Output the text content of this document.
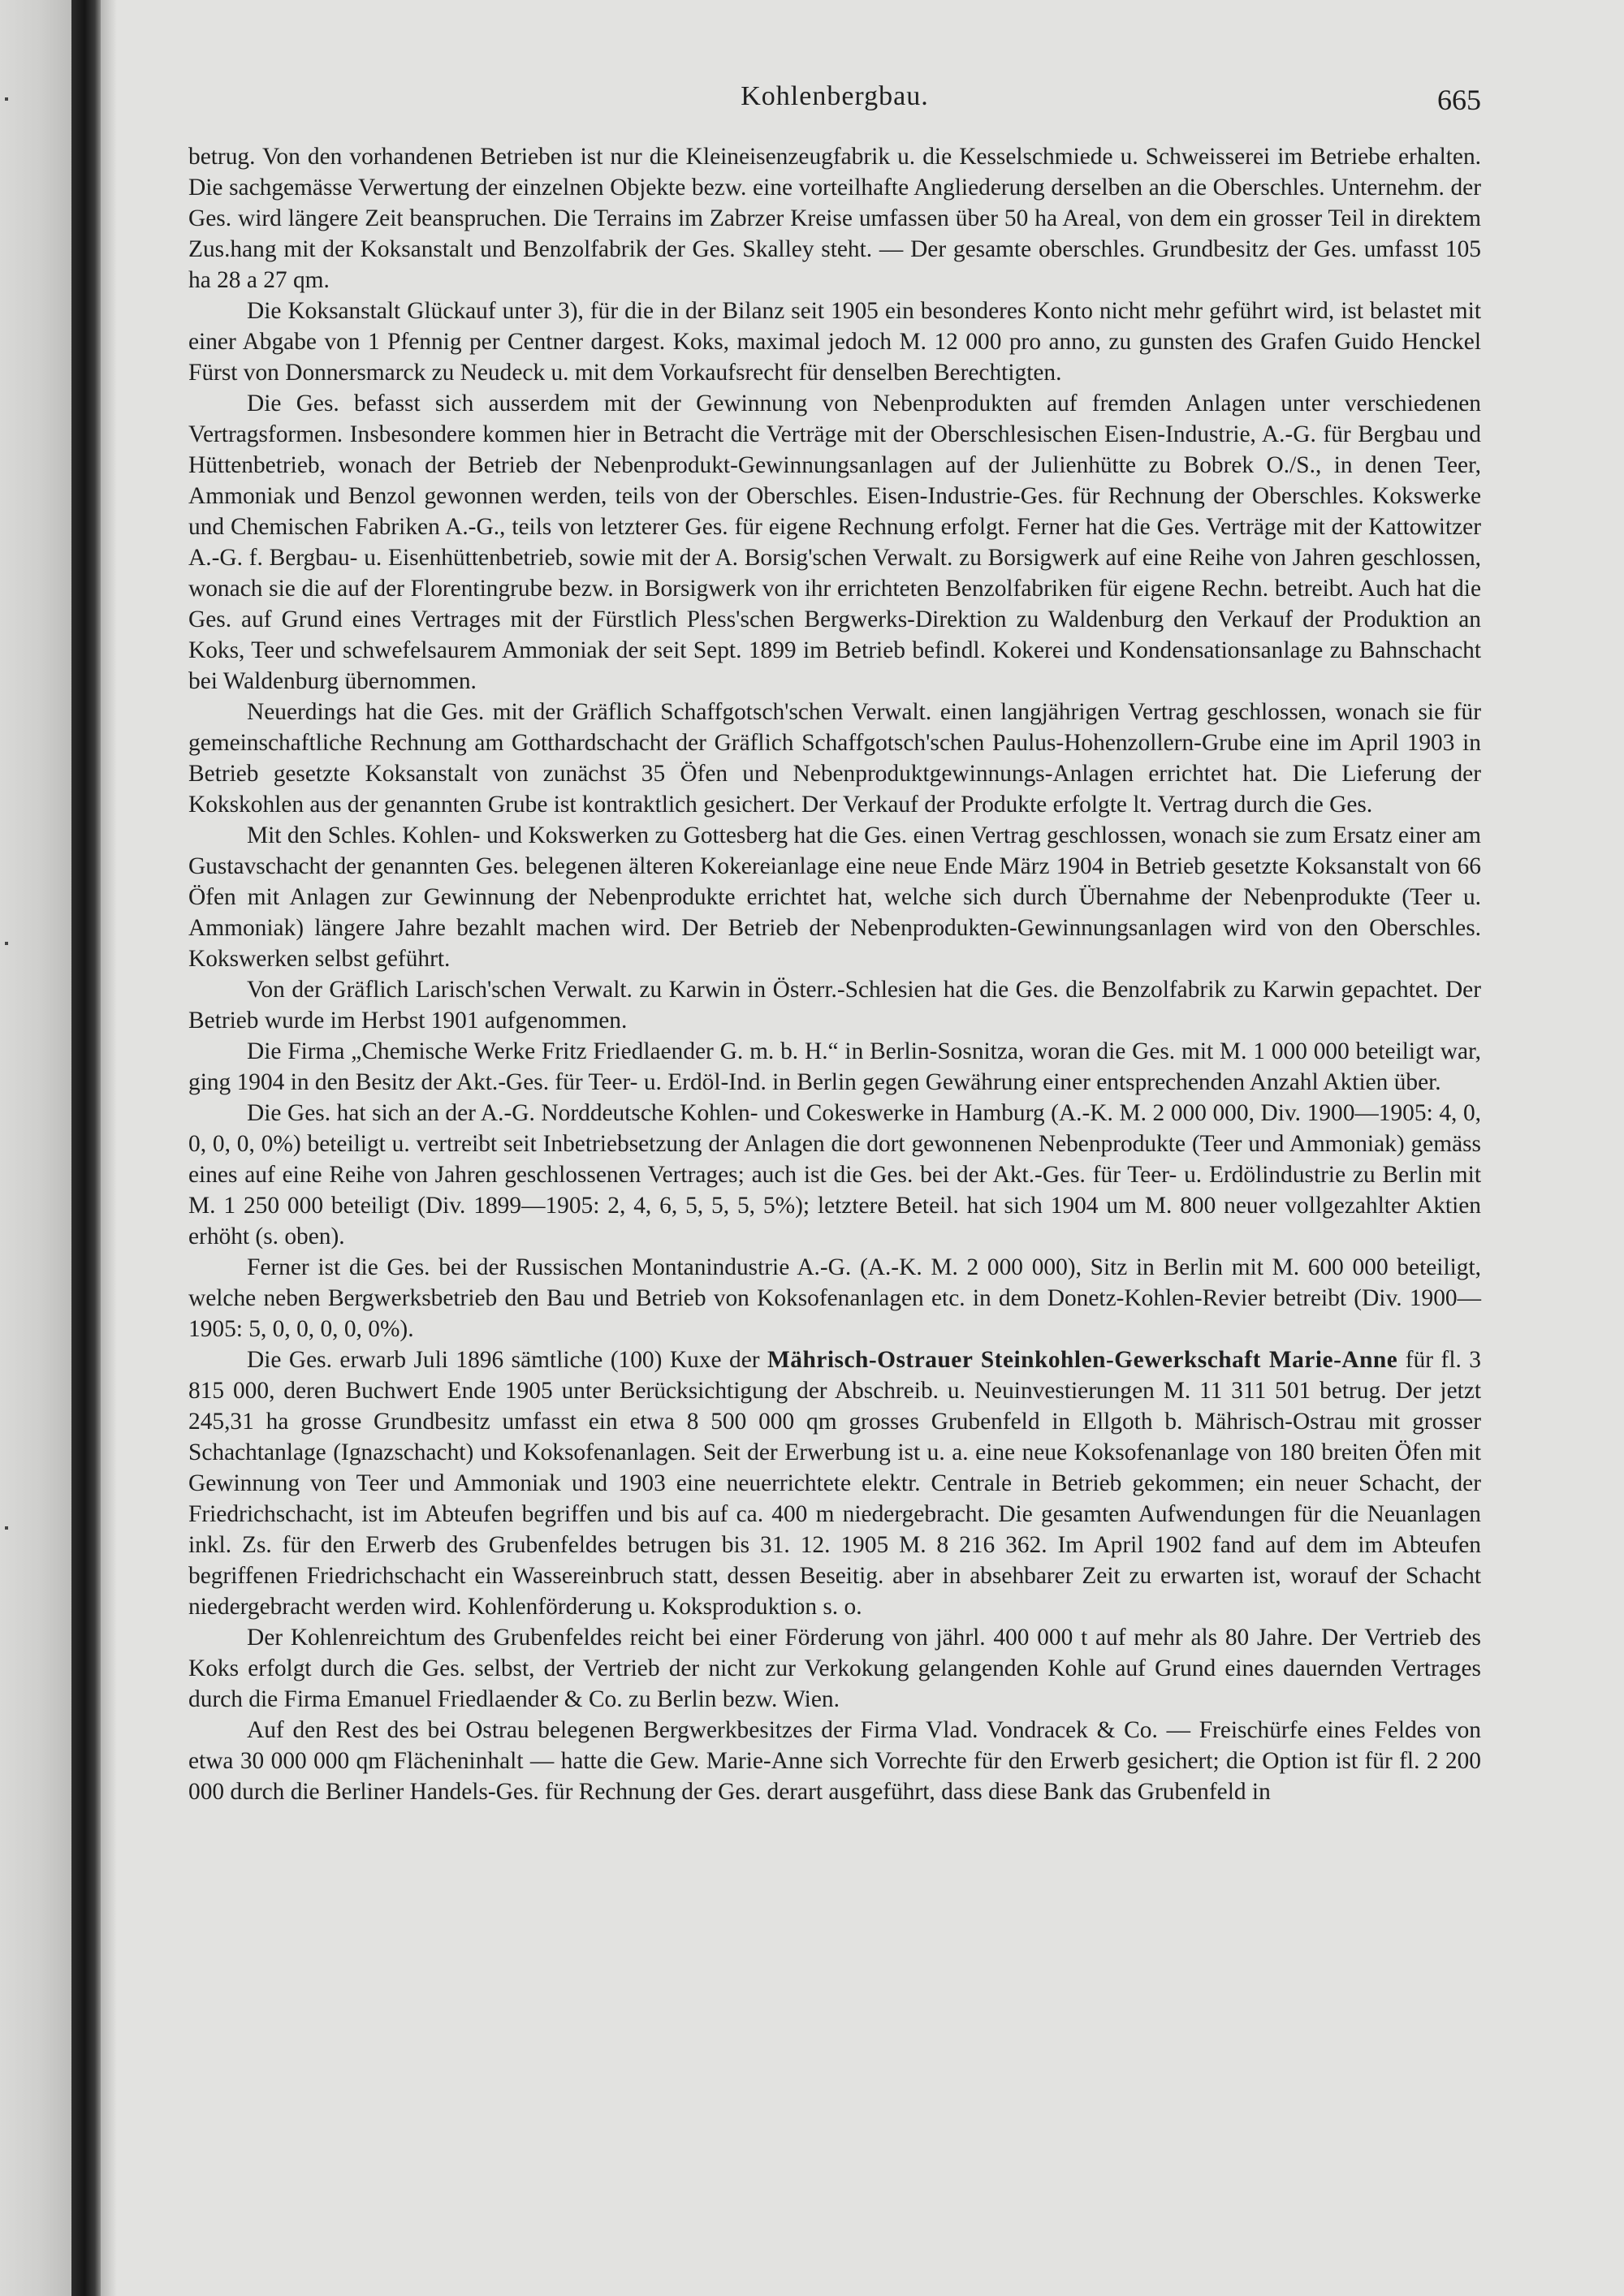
Kohlenbergbau.	665

betrug. Von den vorhandenen Betrieben ist nur die Kleineisenzeugfabrik u. die Kesselschmiede u. Schweisserei im Betriebe erhalten. Die sachgemässe Verwertung der einzelnen Objekte bezw. eine vorteilhafte Angliederung derselben an die Oberschles. Unternehm. der Ges. wird längere Zeit beanspruchen. Die Terrains im Zabrzer Kreise umfassen über 50 ha Areal, von dem ein grosser Teil in direktem Zus.hang mit der Koksanstalt und Benzolfabrik der Ges. Skalley steht. — Der gesamte oberschles. Grundbesitz der Ges. umfasst 105 ha 28 a 27 qm.

Die Koksanstalt Glückauf unter 3), für die in der Bilanz seit 1905 ein besonderes Konto nicht mehr geführt wird, ist belastet mit einer Abgabe von 1 Pfennig per Centner dargest. Koks, maximal jedoch M. 12 000 pro anno, zu gunsten des Grafen Guido Henckel Fürst von Donnersmarck zu Neudeck u. mit dem Vorkaufsrecht für denselben Berechtigten.

Die Ges. befasst sich ausserdem mit der Gewinnung von Nebenprodukten auf fremden Anlagen unter verschiedenen Vertragsformen. Insbesondere kommen hier in Betracht die Verträge mit der Oberschlesischen Eisen-Industrie, A.-G. für Bergbau und Hüttenbetrieb, wonach der Betrieb der Nebenprodukt-Gewinnungsanlagen auf der Julienhütte zu Bobrek O./S., in denen Teer, Ammoniak und Benzol gewonnen werden, teils von der Oberschles. Eisen-Industrie-Ges. für Rechnung der Oberschles. Kokswerke und Chemischen Fabriken A.-G., teils von letzterer Ges. für eigene Rechnung erfolgt. Ferner hat die Ges. Verträge mit der Kattowitzer A.-G. f. Bergbau- u. Eisenhüttenbetrieb, sowie mit der A. Borsig'schen Verwalt. zu Borsigwerk auf eine Reihe von Jahren geschlossen, wonach sie die auf der Florentingrube bezw. in Borsigwerk von ihr errichteten Benzolfabriken für eigene Rechn. betreibt. Auch hat die Ges. auf Grund eines Vertrages mit der Fürstlich Pless'schen Bergwerks-Direktion zu Waldenburg den Verkauf der Produktion an Koks, Teer und schwefelsaurem Ammoniak der seit Sept. 1899 im Betrieb befindl. Kokerei und Kondensationsanlage zu Bahnschacht bei Waldenburg übernommen.

Neuerdings hat die Ges. mit der Gräflich Schaffgotsch'schen Verwalt. einen langjährigen Vertrag geschlossen, wonach sie für gemeinschaftliche Rechnung am Gotthardschacht der Gräflich Schaffgotsch'schen Paulus-Hohenzollern-Grube eine im April 1903 in Betrieb gesetzte Koksanstalt von zunächst 35 Öfen und Nebenproduktgewinnungs-Anlagen errichtet hat. Die Lieferung der Kokskohlen aus der genannten Grube ist kontraktlich gesichert. Der Verkauf der Produkte erfolgte lt. Vertrag durch die Ges.

Mit den Schles. Kohlen- und Kokswerken zu Gottesberg hat die Ges. einen Vertrag geschlossen, wonach sie zum Ersatz einer am Gustavschacht der genannten Ges. belegenen älteren Kokereianlage eine neue Ende März 1904 in Betrieb gesetzte Koksanstalt von 66 Öfen mit Anlagen zur Gewinnung der Nebenprodukte errichtet hat, welche sich durch Übernahme der Nebenprodukte (Teer u. Ammoniak) längere Jahre bezahlt machen wird. Der Betrieb der Nebenprodukten-Gewinnungsanlagen wird von den Oberschles. Kokswerken selbst geführt.

Von der Gräflich Larisch'schen Verwalt. zu Karwin in Österr.-Schlesien hat die Ges. die Benzolfabrik zu Karwin gepachtet. Der Betrieb wurde im Herbst 1901 aufgenommen.

Die Firma „Chemische Werke Fritz Friedlaender G. m. b. H.“ in Berlin-Sosnitza, woran die Ges. mit M. 1 000 000 beteiligt war, ging 1904 in den Besitz der Akt.-Ges. für Teer- u. Erdöl-Ind. in Berlin gegen Gewährung einer entsprechenden Anzahl Aktien über.

Die Ges. hat sich an der A.-G. Norddeutsche Kohlen- und Cokeswerke in Hamburg (A.-K. M. 2 000 000, Div. 1900—1905: 4, 0, 0, 0, 0, 0%) beteiligt u. vertreibt seit Inbetriebsetzung der Anlagen die dort gewonnenen Nebenprodukte (Teer und Ammoniak) gemäss eines auf eine Reihe von Jahren geschlossenen Vertrages; auch ist die Ges. bei der Akt.-Ges. für Teer- u. Erdölindustrie zu Berlin mit M. 1 250 000 beteiligt (Div. 1899—1905: 2, 4, 6, 5, 5, 5, 5%); letztere Beteil. hat sich 1904 um M. 800 neuer vollgezahlter Aktien erhöht (s. oben).

Ferner ist die Ges. bei der Russischen Montanindustrie A.-G. (A.-K. M. 2 000 000), Sitz in Berlin mit M. 600 000 beteiligt, welche neben Bergwerksbetrieb den Bau und Betrieb von Koksofenanlagen etc. in dem Donetz-Kohlen-Revier betreibt (Div. 1900—1905: 5, 0, 0, 0, 0, 0%).

Die Ges. erwarb Juli 1896 sämtliche (100) Kuxe der Mährisch-Ostrauer Steinkohlen-Gewerkschaft Marie-Anne für fl. 3 815 000, deren Buchwert Ende 1905 unter Berücksichtigung der Abschreib. u. Neuinvestierungen M. 11 311 501 betrug. Der jetzt 245,31 ha grosse Grundbesitz umfasst ein etwa 8 500 000 qm grosses Grubenfeld in Ellgoth b. Mährisch-Ostrau mit grosser Schachtanlage (Ignazschacht) und Koksofenanlagen. Seit der Erwerbung ist u. a. eine neue Koksofenanlage von 180 breiten Öfen mit Gewinnung von Teer und Ammoniak und 1903 eine neuerrichtete elektr. Centrale in Betrieb gekommen; ein neuer Schacht, der Friedrichschacht, ist im Abteufen begriffen und bis auf ca. 400 m niedergebracht. Die gesamten Aufwendungen für die Neuanlagen inkl. Zs. für den Erwerb des Grubenfeldes betrugen bis 31. 12. 1905 M. 8 216 362. Im April 1902 fand auf dem im Abteufen begriffenen Friedrichschacht ein Wassereinbruch statt, dessen Beseitig. aber in absehbarer Zeit zu erwarten ist, worauf der Schacht niedergebracht werden wird. Kohlenförderung u. Koksproduktion s. o.

Der Kohlenreichtum des Grubenfeldes reicht bei einer Förderung von jährl. 400 000 t auf mehr als 80 Jahre. Der Vertrieb des Koks erfolgt durch die Ges. selbst, der Vertrieb der nicht zur Verkokung gelangenden Kohle auf Grund eines dauernden Vertrages durch die Firma Emanuel Friedlaender & Co. zu Berlin bezw. Wien.

Auf den Rest des bei Ostrau belegenen Bergwerkbesitzes der Firma Vlad. Vondracek & Co. — Freischürfe eines Feldes von etwa 30 000 000 qm Flächeninhalt — hatte die Gew. Marie-Anne sich Vorrechte für den Erwerb gesichert; die Option ist für fl. 2 200 000 durch die Berliner Handels-Ges. für Rechnung der Ges. derart ausgeführt, dass diese Bank das Grubenfeld in
